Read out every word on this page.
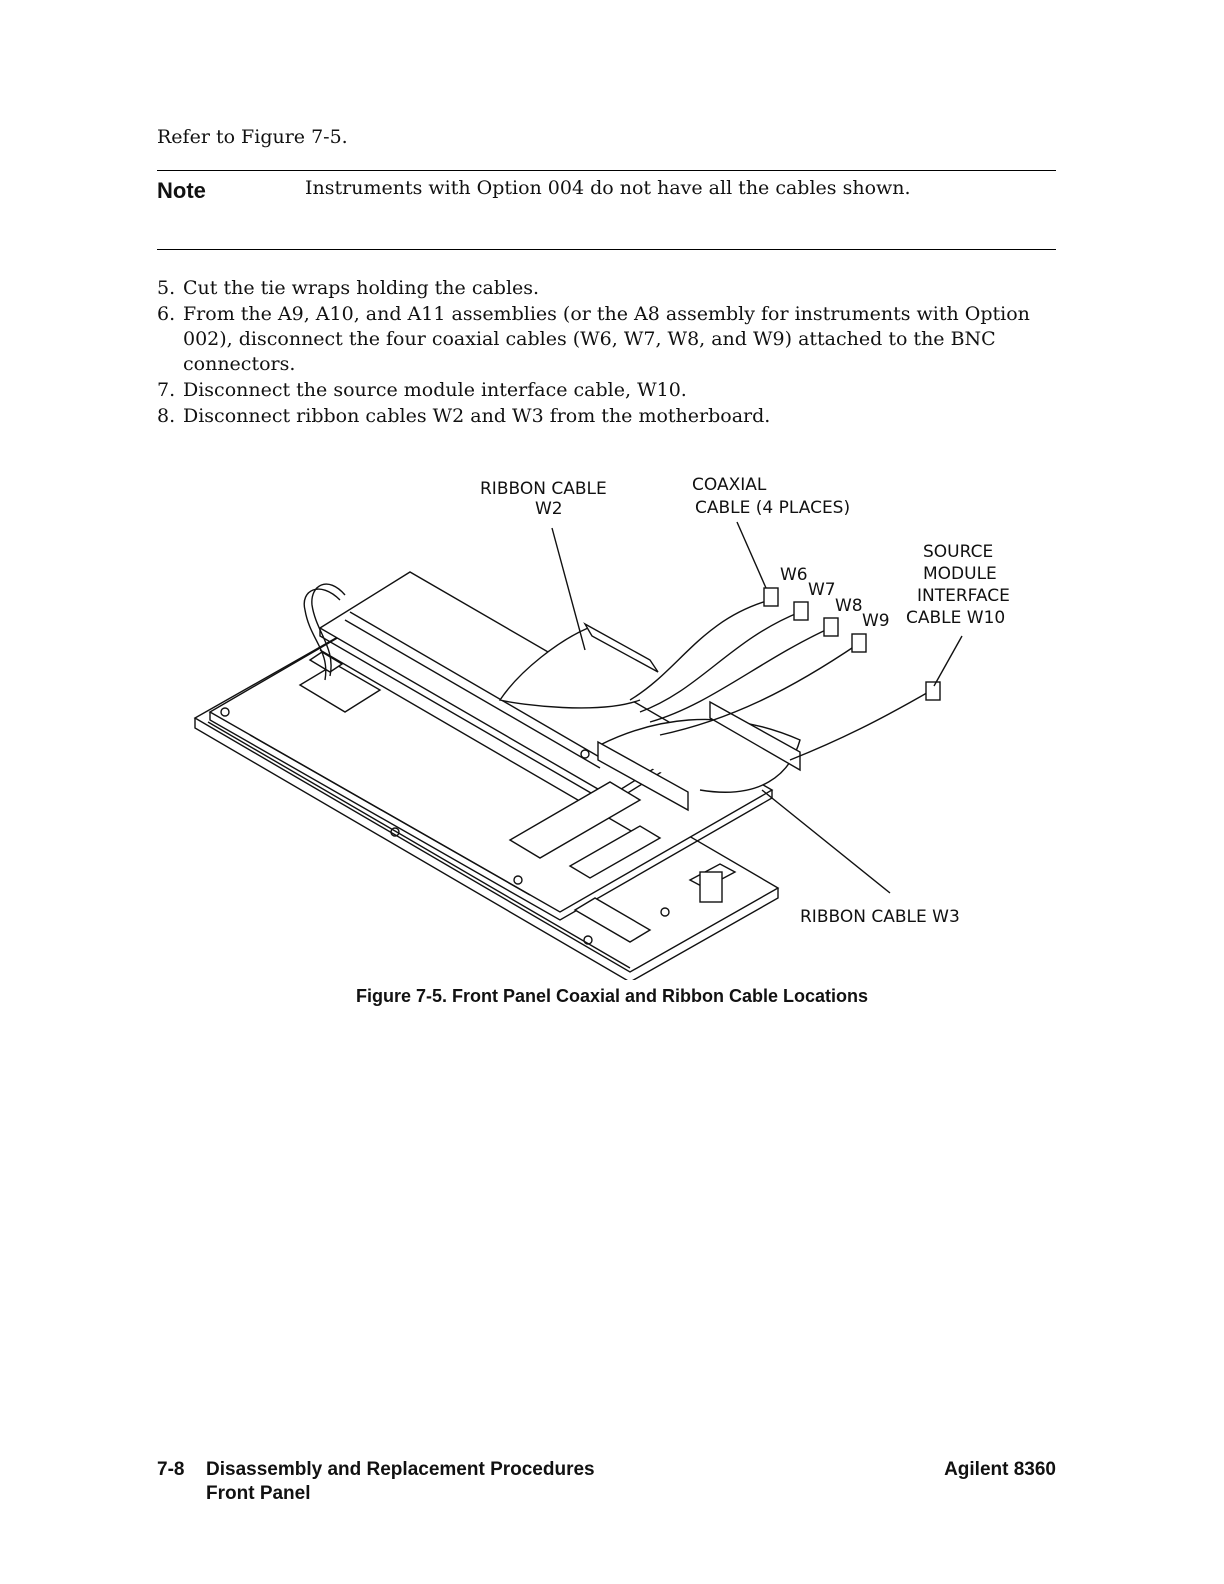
Refer to Figure 7-5.

Note	Instruments with Option 004 do not have all the cables shown.
5. Cut the tie wraps holding the cables.
6. From the A9, A10, and A11 assemblies (or the A8 assembly for instruments with Option 002), disconnect the four coaxial cables (W6, W7, W8, and W9) attached to the BNC connectors.
7. Disconnect the source module interface cable, W10.
8. Disconnect ribbon cables W2 and W3 from the motherboard.
RIBBON CABLE
W2
COAXIAL
CABLE (4 PLACES)
W6
W7
W8
W9
SOURCE
MODULE
INTERFACE
CABLE W10
RIBBON CABLE W3
Figure 7-5. Front Panel Coaxial and Ribbon Cable Locations
7-8 Disassembly and Replacement Procedures
Front Panel
Agilent 8360
